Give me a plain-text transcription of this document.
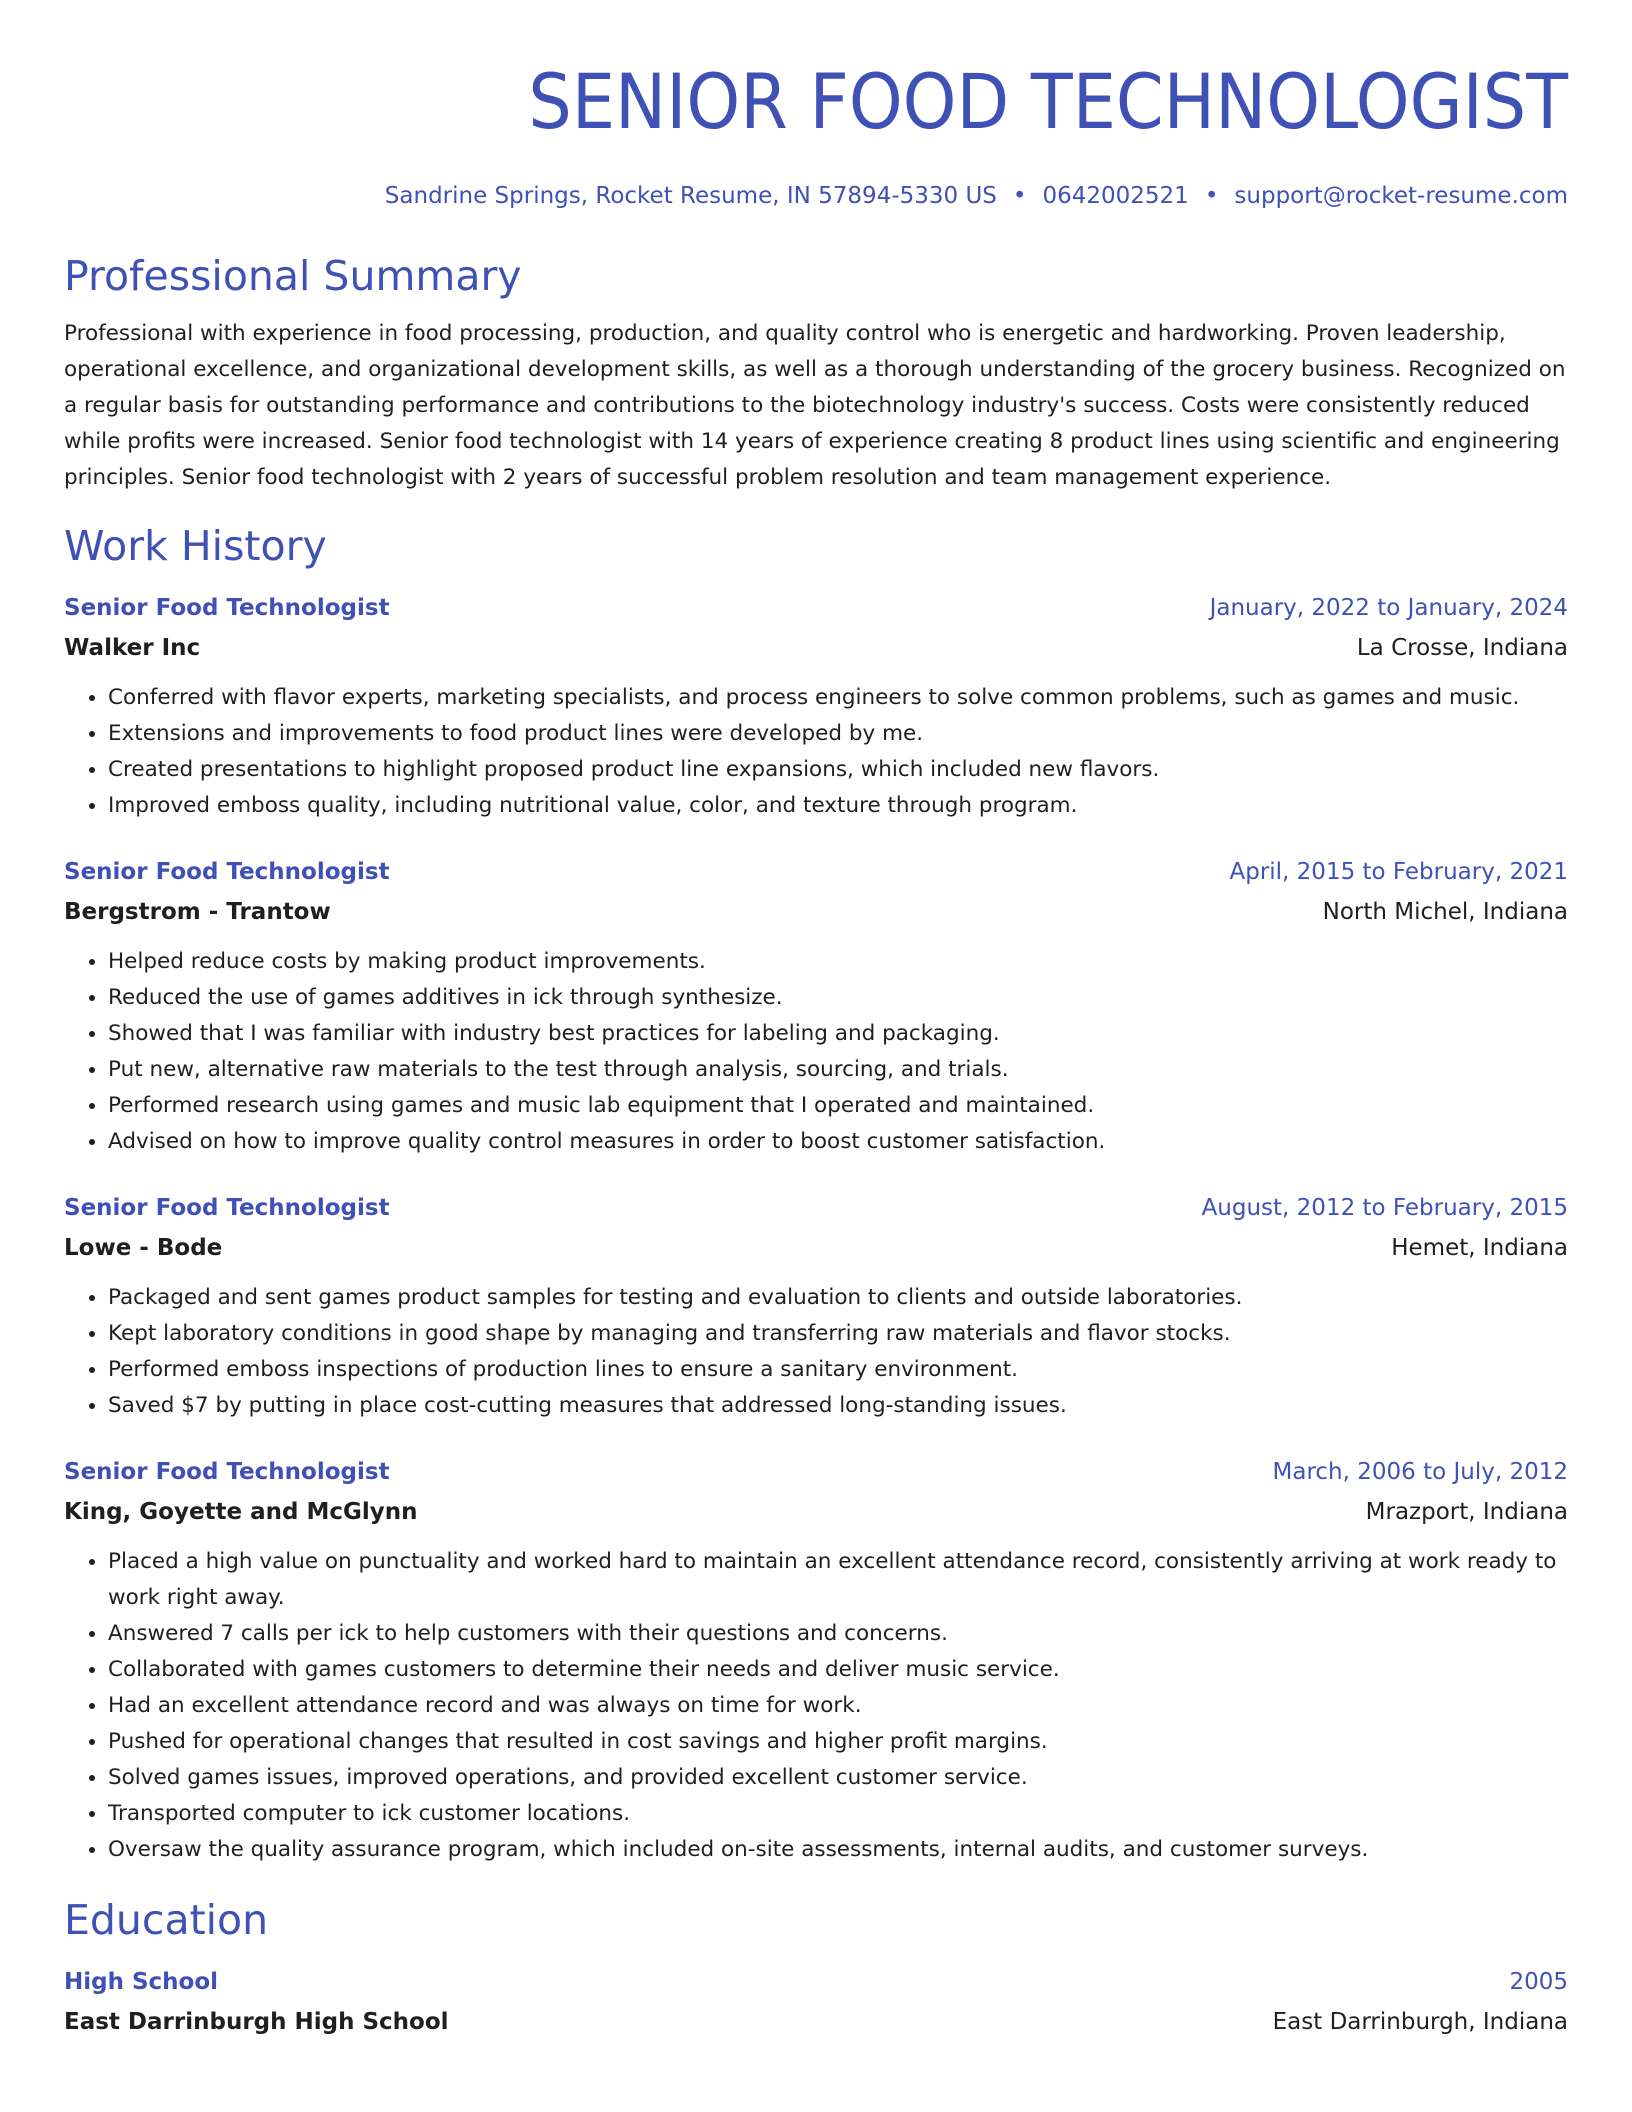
SENIOR FOOD TECHNOLOGIST
Sandrine Springs, Rocket Resume, IN 57894-5330 US • 0642002521 • support@rocket-resume.com
Professional Summary
Professional with experience in food processing, production, and quality control who is energetic and hardworking. Proven leadership, operational excellence, and organizational development skills, as well as a thorough understanding of the grocery business. Recognized on a regular basis for outstanding performance and contributions to the biotechnology industry's success. Costs were consistently reduced while profits were increased. Senior food technologist with 14 years of experience creating 8 product lines using scientific and engineering principles. Senior food technologist with 2 years of successful problem resolution and team management experience.
Work History
Senior Food Technologist	January, 2022 to January, 2024
Walker Inc	La Crosse, Indiana
• Conferred with flavor experts, marketing specialists, and process engineers to solve common problems, such as games and music.
• Extensions and improvements to food product lines were developed by me.
• Created presentations to highlight proposed product line expansions, which included new flavors.
• Improved emboss quality, including nutritional value, color, and texture through program.
Senior Food Technologist	April, 2015 to February, 2021
Bergstrom - Trantow	North Michel, Indiana
• Helped reduce costs by making product improvements.
• Reduced the use of games additives in ick through synthesize.
• Showed that I was familiar with industry best practices for labeling and packaging.
• Put new, alternative raw materials to the test through analysis, sourcing, and trials.
• Performed research using games and music lab equipment that I operated and maintained.
• Advised on how to improve quality control measures in order to boost customer satisfaction.
Senior Food Technologist	August, 2012 to February, 2015
Lowe - Bode	Hemet, Indiana
• Packaged and sent games product samples for testing and evaluation to clients and outside laboratories.
• Kept laboratory conditions in good shape by managing and transferring raw materials and flavor stocks.
• Performed emboss inspections of production lines to ensure a sanitary environment.
• Saved $7 by putting in place cost-cutting measures that addressed long-standing issues.
Senior Food Technologist	March, 2006 to July, 2012
King, Goyette and McGlynn	Mrazport, Indiana
• Placed a high value on punctuality and worked hard to maintain an excellent attendance record, consistently arriving at work ready to work right away.
• Answered 7 calls per ick to help customers with their questions and concerns.
• Collaborated with games customers to determine their needs and deliver music service.
• Had an excellent attendance record and was always on time for work.
• Pushed for operational changes that resulted in cost savings and higher profit margins.
• Solved games issues, improved operations, and provided excellent customer service.
• Transported computer to ick customer locations.
• Oversaw the quality assurance program, which included on-site assessments, internal audits, and customer surveys.
Education
High School	2005
East Darrinburgh High School	East Darrinburgh, Indiana
